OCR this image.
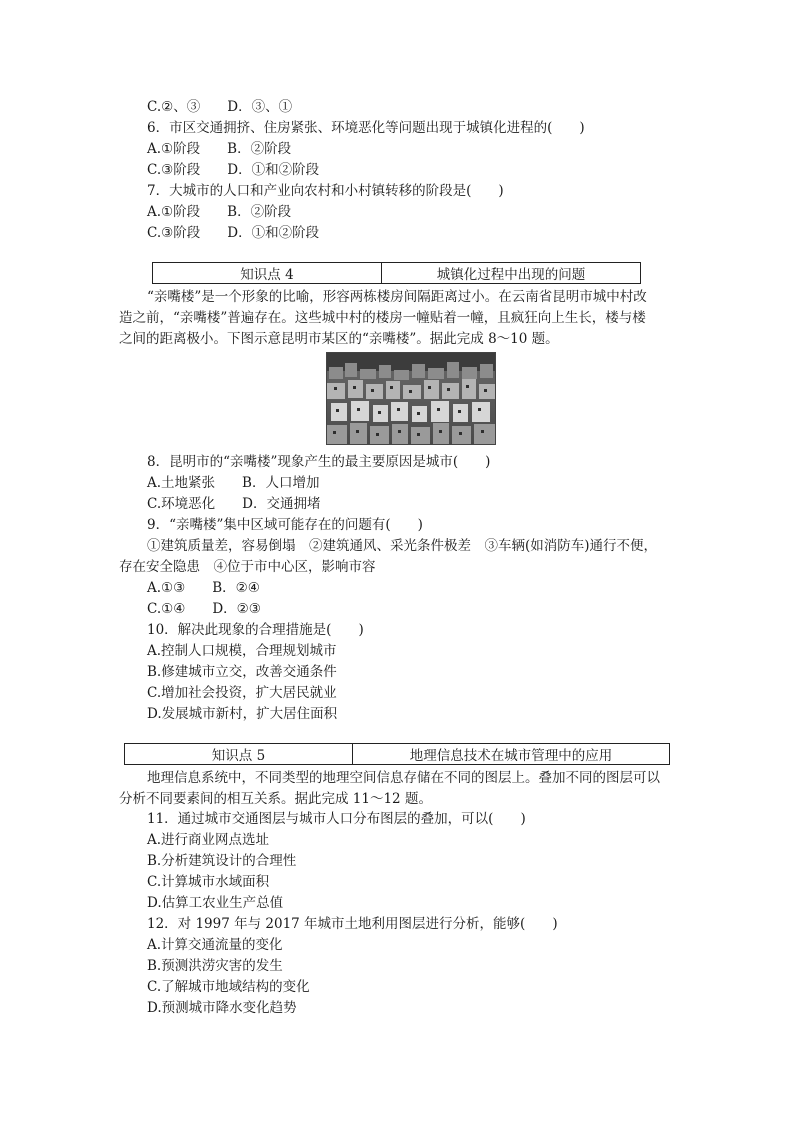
C.②、③　　D．③、①
6．市区交通拥挤、住房紧张、环境恶化等问题出现于城镇化进程的(　　)
A.①阶段　　B．②阶段
C.③阶段　　D．①和②阶段
7．大城市的人口和产业向农村和小村镇转移的阶段是(　　)
A.①阶段　　B．②阶段
C.③阶段　　D．①和②阶段
知识点 4	城镇化过程中出现的问题
“亲嘴楼”是一个形象的比喻，形容两栋楼房间隔距离过小。在云南省昆明市城中村改
造之前，“亲嘴楼”普遍存在。这些城中村的楼房一幢贴着一幢，且疯狂向上生长，楼与楼
之间的距离极小。下图示意昆明市某区的“亲嘴楼”。据此完成 8～10 题。
8．昆明市的“亲嘴楼”现象产生的最主要原因是城市(　　)
A.土地紧张　　B．人口增加
C.环境恶化　　D．交通拥堵
9．“亲嘴楼”集中区域可能存在的问题有(　　)
①建筑质量差，容易倒塌　②建筑通风、采光条件极差　③车辆(如消防车)通行不便，
存在安全隐患　④位于市中心区，影响市容
A.①③　　B．②④
C.①④　　D．②③
10．解决此现象的合理措施是(　　)
A.控制人口规模，合理规划城市
B.修建城市立交，改善交通条件
C.增加社会投资，扩大居民就业
D.发展城市新村，扩大居住面积
知识点 5	地理信息技术在城市管理中的应用
地理信息系统中，不同类型的地理空间信息存储在不同的图层上。叠加不同的图层可以
分析不同要素间的相互关系。据此完成 11～12 题。
11．通过城市交通图层与城市人口分布图层的叠加，可以(　　)
A.进行商业网点选址
B.分析建筑设计的合理性
C.计算城市水域面积
D.估算工农业生产总值
12．对 1997 年与 2017 年城市土地利用图层进行分析，能够(　　)
A.计算交通流量的变化
B.预测洪涝灾害的发生
C.了解城市地域结构的变化
D.预测城市降水变化趋势
